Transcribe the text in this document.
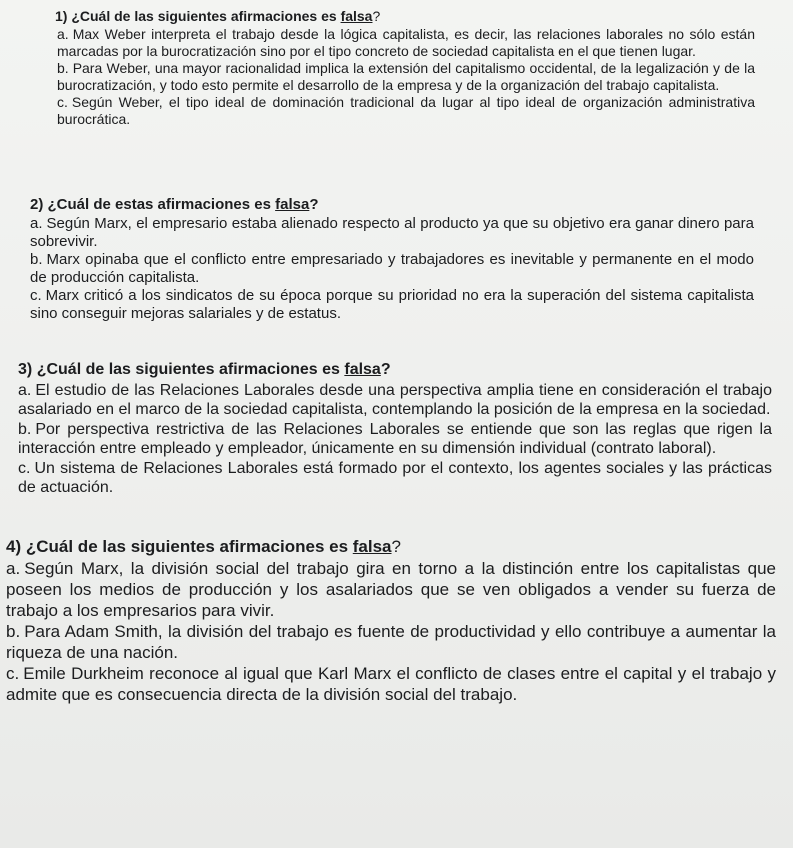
1) ¿Cuál de las siguientes afirmaciones es falsa?
a. Max Weber interpreta el trabajo desde la lógica capitalista, es decir, las relaciones laborales no sólo están marcadas por la burocratización sino por el tipo concreto de sociedad capitalista en el que tienen lugar.
b. Para Weber, una mayor racionalidad implica la extensión del capitalismo occidental, de la legalización y de la burocratización, y todo esto permite el desarrollo de la empresa y de la organización del trabajo capitalista.
c. Según Weber, el tipo ideal de dominación tradicional da lugar al tipo ideal de organización administrativa burocrática.
2) ¿Cuál de estas afirmaciones es falsa?
a. Según Marx, el empresario estaba alienado respecto al producto ya que su objetivo era ganar dinero para sobrevivir.
b. Marx opinaba que el conflicto entre empresariado y trabajadores es inevitable y permanente en el modo de producción capitalista.
c. Marx criticó a los sindicatos de su época porque su prioridad no era la superación del sistema capitalista sino conseguir mejoras salariales y de estatus.
3) ¿Cuál de las siguientes afirmaciones es falsa?
a. El estudio de las Relaciones Laborales desde una perspectiva amplia tiene en consideración el trabajo asalariado en el marco de la sociedad capitalista, contemplando la posición de la empresa en la sociedad.
b. Por perspectiva restrictiva de las Relaciones Laborales se entiende que son las reglas que rigen la interacción entre empleado y empleador, únicamente en su dimensión individual (contrato laboral).
c. Un sistema de Relaciones Laborales está formado por el contexto, los agentes sociales y las prácticas de actuación.
4) ¿Cuál de las siguientes afirmaciones es falsa?
a. Según Marx, la división social del trabajo gira en torno a la distinción entre los capitalistas que poseen los medios de producción y los asalariados que se ven obligados a vender su fuerza de trabajo a los empresarios para vivir.
b. Para Adam Smith, la división del trabajo es fuente de productividad y ello contribuye a aumentar la riqueza de una nación.
c. Emile Durkheim reconoce al igual que Karl Marx el conflicto de clases entre el capital y el trabajo y admite que es consecuencia directa de la división social del trabajo.
